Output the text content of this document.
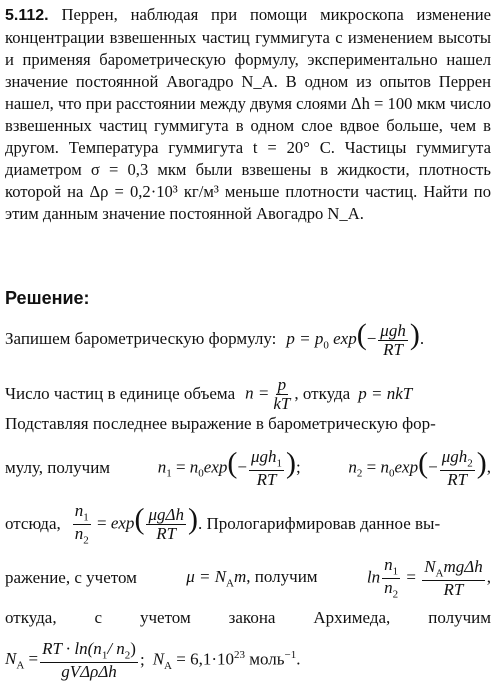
5.112. Перрен, наблюдая при помощи микроскопа изменение концентрации взвешенных частиц гуммигута с изменением высоты и применяя барометрическую формулу, экспериментально нашел значение постоянной Авогадро N_A. В одном из опытов Перрен нашел, что при расстоянии между двумя слоями Δh = 100 мкм число взвешенных частиц гуммигута в одном слое вдвое больше, чем в другом. Температура гуммигута t = 20° C. Частицы гуммигута диаметром σ = 0,3 мкм были взвешены в жидкости, плотность которой на Δρ = 0,2·10³ кг/м³ меньше плотности частиц. Найти по этим данным значение постоянной Авогадро N_A.

Решение:
Запишем барометрическую формулу: $p = p_0$ $\exp(- \frac{\text{μgh}}{RT}$ ).
Число частиц в единице объема $n = \frac{p}{kT}$ , откуда p = nkT
Подставляя последнее выражение в барометрическую фор-
мулу, получим	$n_1 = n_0\exp(- \frac{\mu gh_1}{RT}$ );	$n_2 = n_0\exp(- \frac{\mu gh_2}{RT}$ ),
отсюда, $\frac{n_1}{n_2} = \exp( \frac{\text{μgΔh}}{RT}$ ) . Прологарифмировав данное вы-
ражение, с учетом	$\mu = N_Am$, получим	$\ln \frac{n_1}{n_2} = \frac{N_Amg\Delta h}{RT}$ ,
откуда, с учетом закона Архимеда, получим
$N_A = \frac{RT \cdot \ln(n_1/ n_2)}{\text{gVΔρΔh}}$ ; $N_A = 6,1\cdot 10^{23}$ моль$^{-1}$.
